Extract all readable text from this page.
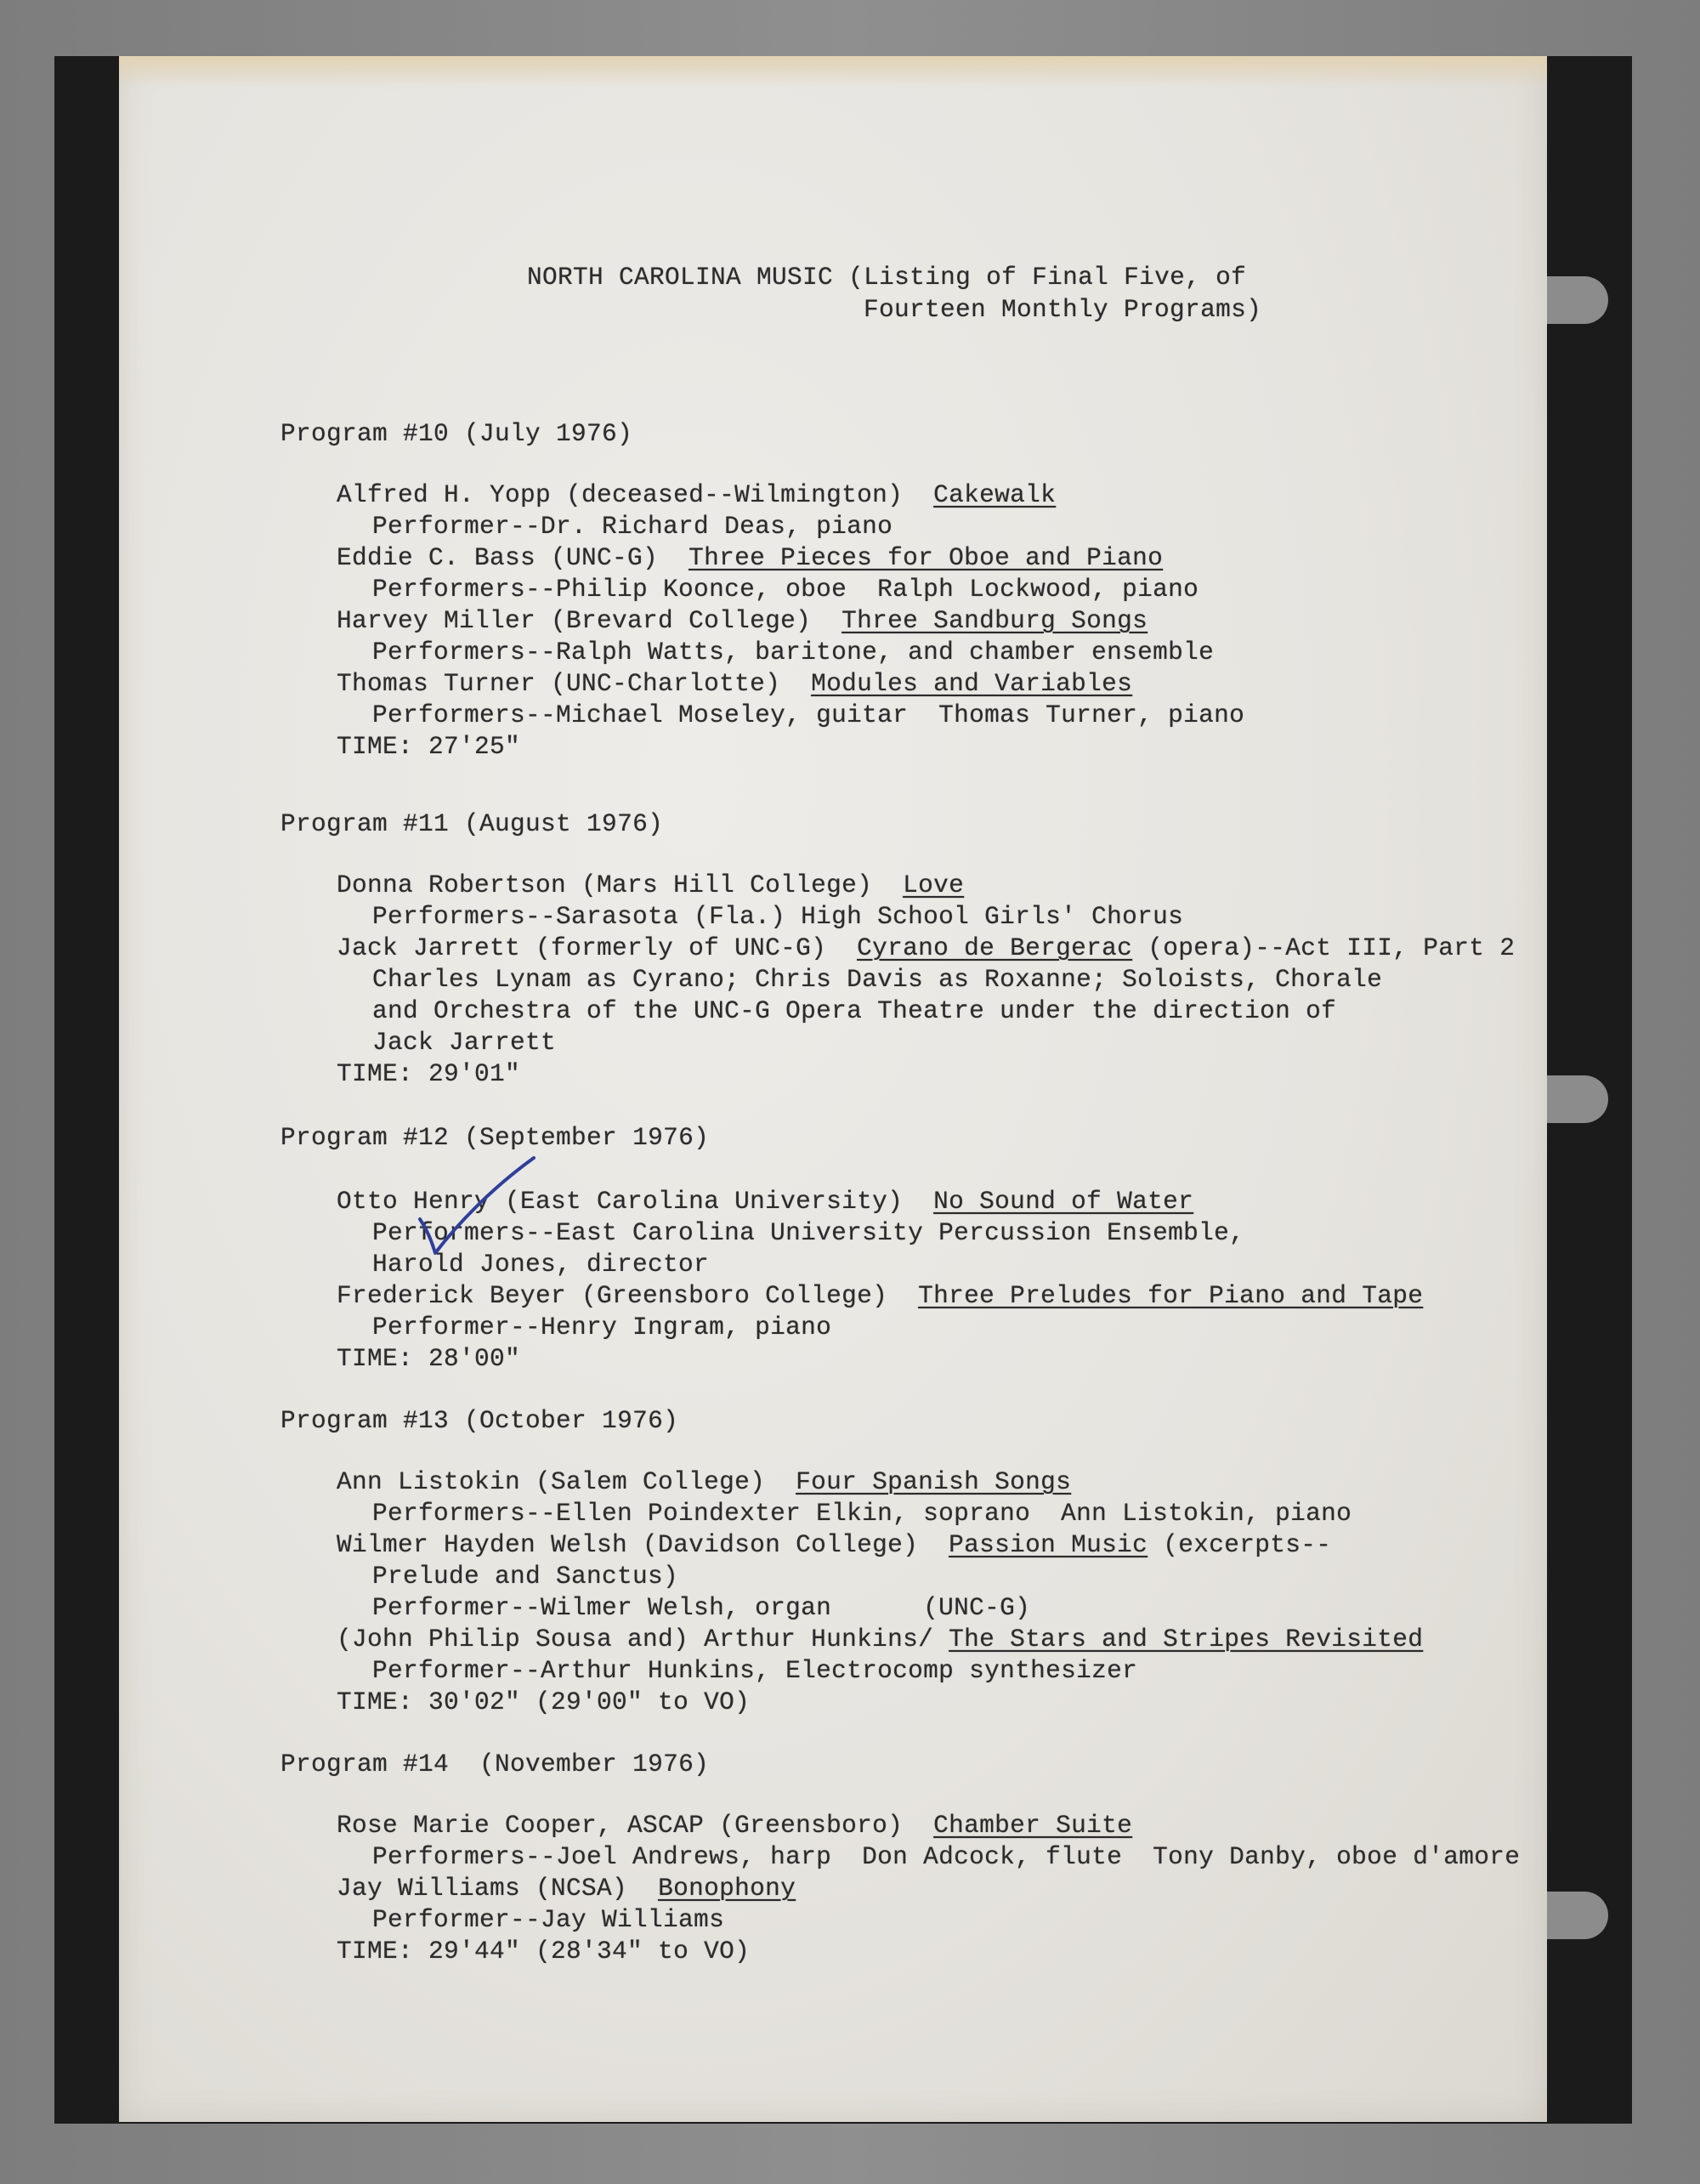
NORTH CAROLINA MUSIC (Listing of Final Five, of
Fourteen Monthly Programs)
Program #10 (July 1976)
Alfred H. Yopp (deceased--Wilmington) Cakewalk
Performer--Dr. Richard Deas, piano
Eddie C. Bass (UNC-G) Three Pieces for Oboe and Piano
Performers--Philip Koonce, oboe  Ralph Lockwood, piano
Harvey Miller (Brevard College) Three Sandburg Songs
Performers--Ralph Watts, baritone, and chamber ensemble
Thomas Turner (UNC-Charlotte) Modules and Variables
Performers--Michael Moseley, guitar  Thomas Turner, piano
TIME: 27'25"
Program #11 (August 1976)
Donna Robertson (Mars Hill College) Love
Performers--Sarasota (Fla.) High School Girls' Chorus
Jack Jarrett (formerly of UNC-G) Cyrano de Bergerac (opera)--Act III, Part 2
Charles Lynam as Cyrano; Chris Davis as Roxanne; Soloists, Chorale
and Orchestra of the UNC-G Opera Theatre under the direction of
Jack Jarrett
TIME: 29'01"
Program #12 (September 1976)
Otto Henry (East Carolina University) No Sound of Water
Performers--East Carolina University Percussion Ensemble,
Harold Jones, director
Frederick Beyer (Greensboro College) Three Preludes for Piano and Tape
Performer--Henry Ingram, piano
TIME: 28'00"
Program #13 (October 1976)
Ann Listokin (Salem College) Four Spanish Songs
Performers--Ellen Poindexter Elkin, soprano  Ann Listokin, piano
Wilmer Hayden Welsh (Davidson College) Passion Music (excerpts--
Prelude and Sanctus)
Performer--Wilmer Welsh, organ      (UNC-G)
(John Philip Sousa and) Arthur Hunkins/ The Stars and Stripes Revisited
Performer--Arthur Hunkins, Electrocomp synthesizer
TIME: 30'02" (29'00" to VO)
Program #14  (November 1976)
Rose Marie Cooper, ASCAP (Greensboro) Chamber Suite
Performers--Joel Andrews, harp  Don Adcock, flute  Tony Danby, oboe d'amore
Jay Williams (NCSA) Bonophony
Performer--Jay Williams
TIME: 29'44" (28'34" to VO)
